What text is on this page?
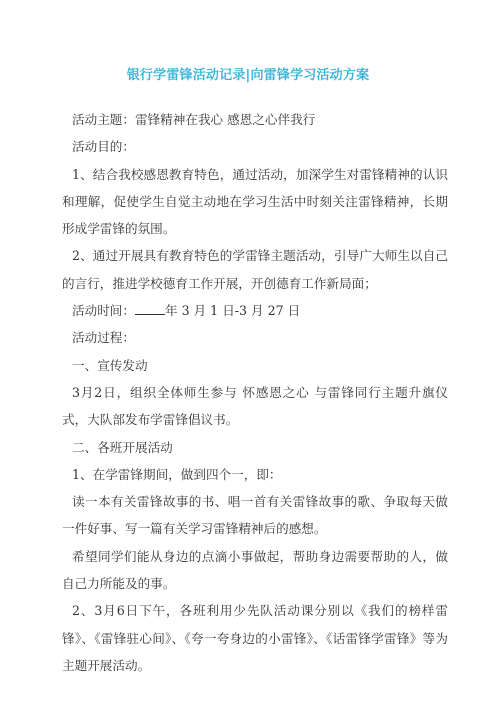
银行学雷锋活动记录|向雷锋学习活动方案

活动主题：雷锋精神在我心 感恩之心伴我行

活动目的：

1、结合我校感恩教育特色，通过活动，加深学生对雷锋精神的认识和理解，促使学生自觉主动地在学习生活中时刻关注雷锋精神，长期形成学雷锋的氛围。

2、通过开展具有教育特色的学雷锋主题活动，引导广大师生以自己的言行，推进学校德育工作开展，开创德育工作新局面；

活动时间： 年 3 月 1 日-3 月 27 日

活动过程：

一、宣传发动

3月2日，组织全体师生参与 怀感恩之心 与雷锋同行主题升旗仪式，大队部发布学雷锋倡议书。

二、各班开展活动

1、在学雷锋期间，做到四个一，即：

读一本有关雷锋故事的书、唱一首有关雷锋故事的歌、争取每天做一件好事、写一篇有关学习雷锋精神后的感想。

希望同学们能从身边的点滴小事做起，帮助身边需要帮助的人，做自己力所能及的事。

2、3月6日下午，各班利用少先队活动课分别以《我们的榜样雷锋》、《雷锋驻心间》、《夸一夸身边的小雷锋》、《话雷锋学雷锋》等为主题开展活动。
